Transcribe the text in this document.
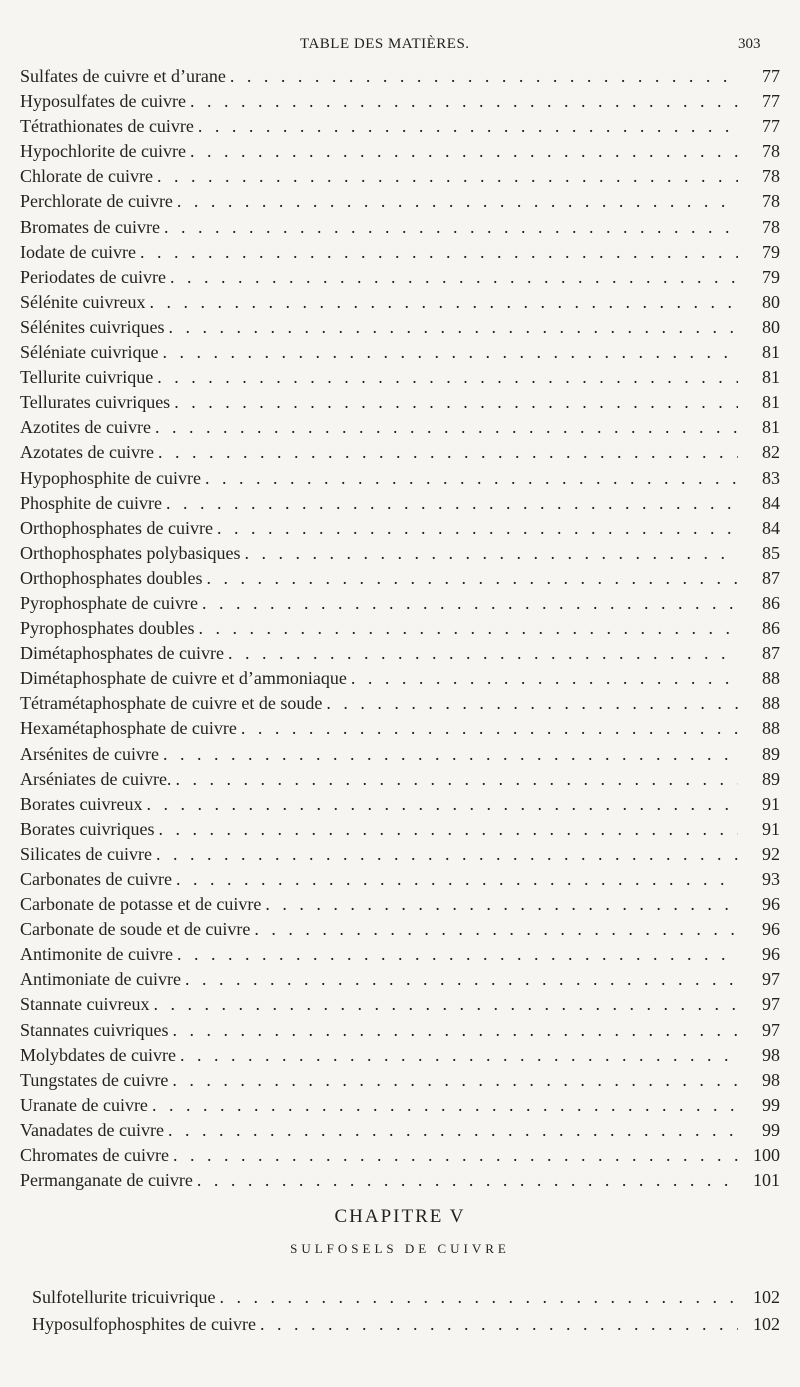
TABLE DES MATIÈRES.	303
Sulfates de cuivre et d’urane . . .	77
Hyposulfates de cuivre . . .	77
Tétrathionates de cuivre . . .	77
Hypochlorite de cuivre . . .	78
Chlorate de cuivre . . .	78
Perchlorate de cuivre . . .	78
Bromates de cuivre . . .	78
Iodate de cuivre . . .	79
Periodates de cuivre . . .	79
Sélénite cuivreux . . .	80
Sélénites cuivriques . . .	80
Séléniate cuivrique . . .	81
Tellurite cuivrique . . .	81
Tellurates cuivriques . . .	81
Azotites de cuivre . . .	81
Azotates de cuivre . . .	82
Hypophosphite de cuivre . . .	83
Phosphite de cuivre . . .	84
Orthophosphates de cuivre . . .	84
Orthophosphates polybasiques . . .	85
Orthophosphates doubles . . .	87
Pyrophosphate de cuivre . . .	86
Pyrophosphates doubles . . .	86
Dimétaphosphates de cuivre . . .	87
Dimétaphosphate de cuivre et d’ammoniaque . . .	88
Tétramétaphosphate de cuivre et de soude . . .	88
Hexamétaphosphate de cuivre . . .	88
Arsénites de cuivre . . .	89
Arséniates de cuivre. . . .	89
Borates cuivreux . . .	91
Borates cuivriques . . .	91
Silicates de cuivre . . .	92
Carbonates de cuivre . . .	93
Carbonate de potasse et de cuivre . . .	96
Carbonate de soude et de cuivre . . .	96
Antimonite de cuivre . . .	96
Antimoniate de cuivre . . .	97
Stannate cuivreux . . .	97
Stannates cuivriques . . .	97
Molybdates de cuivre . . .	98
Tungstates de cuivre . . .	98
Uranate de cuivre . . .	99
Vanadates de cuivre . . .	99
Chromates de cuivre . . .	100
Permanganate de cuivre . . .	101
CHAPITRE V
SULFOSELS DE CUIVRE
Sulfotellurite tricuivrique . . .	102
Hyposulfophosphites de cuivre . . .	102
